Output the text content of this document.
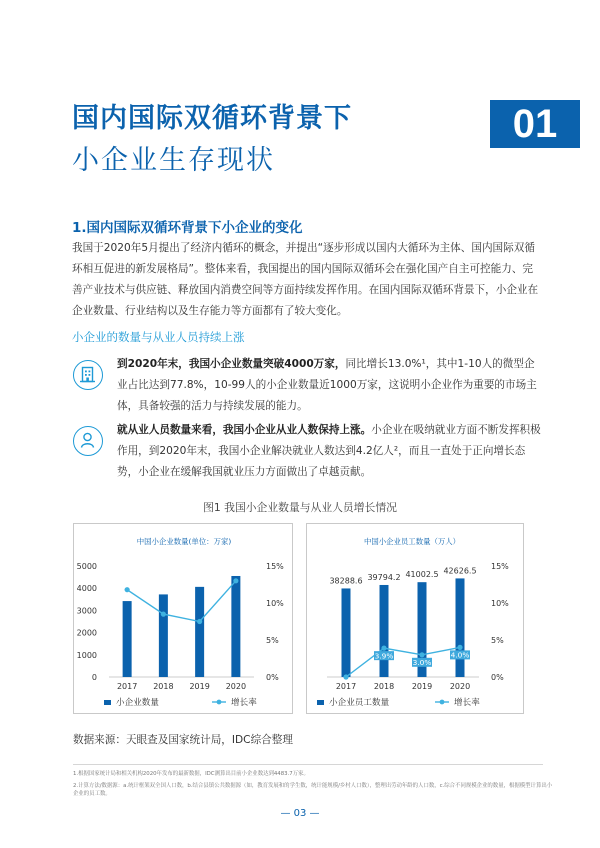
国内国际双循环背景下
小企业生存现状
01
1.国内国际双循环背景下小企业的变化
我国于2020年5月提出了经济内循环的概念，并提出“逐步形成以国内大循环为主体、国内国际双循环相互促进的新发展格局”。整体来看，我国提出的国内国际双循环会在强化国产自主可控能力、完善产业技术与供应链、释放国内消费空间等方面持续发挥作用。在国内国际双循环背景下，小企业在企业数量、行业结构以及生存能力等方面都有了较大变化。
小企业的数量与从业人员持续上涨
到2020年末，我国小企业数量突破4000万家，同比增长13.0%¹，其中1-10人的微型企业占比达到77.8%，10-99人的小企业数量近1000万家，这说明小企业作为重要的市场主体，具备较强的活力与持续发展的能力。
就从业人员数量来看，我国小企业从业人数保持上涨。小企业在吸纳就业方面不断发挥积极作用，到2020年末，我国小企业解决就业人数达到4.2亿人²，而且一直处于正向增长态势，小企业在缓解我国就业压力方面做出了卓越贡献。
图1 我国小企业数量与从业人员增长情况
中国小企业数量(单位：万家)
0
1000
2000
3000
4000
5000
0%
5%
10%
15%
2017 2018 2019 2020
小企业数量	增长率
中国小企业员工数量（万人）
0%
5%
10%
15%
2017
38288.6
2018
39794.2
2019
41002.5
2020
42626.5
3.9%
3.0%
4.0%
小企业员工数量	增长率
数据来源：天眼查及国家统计局，IDC综合整理
1.根据国家统计局和相关机构2020年发布的最新数据，IDC测算出目前小企业数达到4483.7万家。
2.计算方法/数据源：a.统计框架双全国人口数，b.结合县镇公共数据源（如，教育发展和的学生数，统计能规模/乡村人口数），整理出劳动年龄的人口数，c.综合不同规模企业的数量，根据模型计算出小企业的员工数。
— 03 —
